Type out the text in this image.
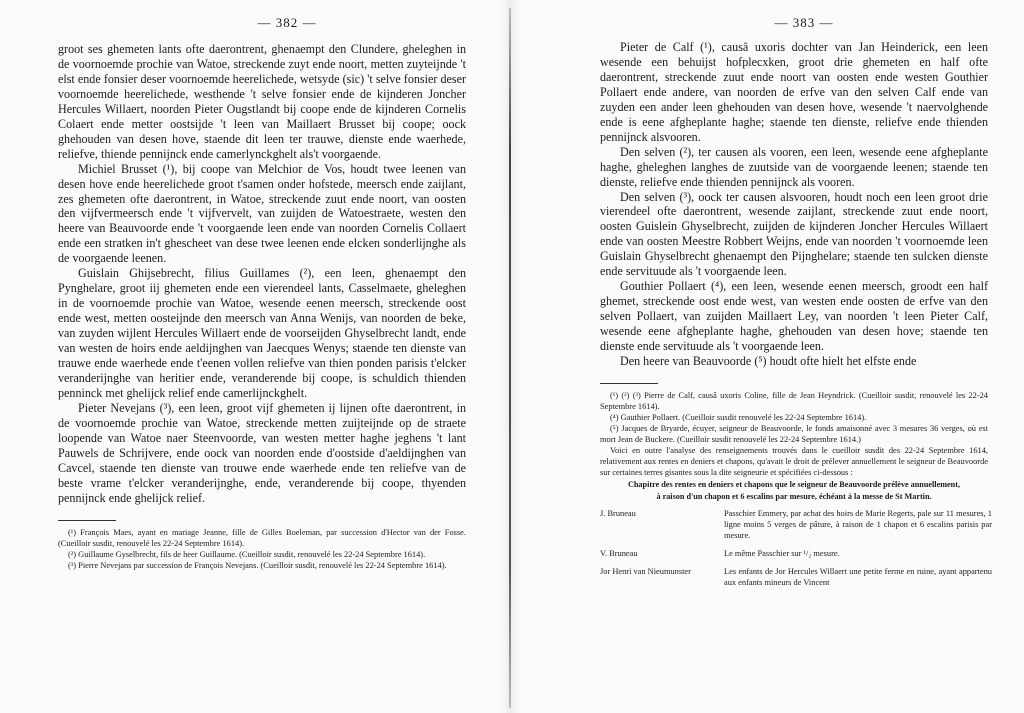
— 382 —

groot ses ghemeten lants ofte daerontrent, ghenaempt den Clundere, gheleghen in de voornoemde prochie van Watoe, streckende zuyt ende noort, metten zuyteijnde 't elst ende fonsier deser voornoemde heerelichede, wetsyde (sic) 't selve fonsier deser voornoemde heerelichede, westhende 't selve fonsier ende de kijnderen Joncher Hercules Willaert, noorden Pieter Ougstlandt bij coope ende de kijnderen Cornelis Colaert ende metter oostsijde 't leen van Maillaert Brusset bij coope; oock ghehouden van desen hove, staende dit leen ter trauwe, dienste ende waerhede, reliefve, thiende pennijnck ende camerlynckghelt als't voorgaende.

Michiel Brusset (¹), bij coope van Melchior de Vos, houdt twee leenen van desen hove ende heerelichede groot t'samen onder hofstede, meersch ende zaijlant, zes ghemeten ofte daerontrent, in Watoe, streckende zuut ende noort, van oosten den vijfvermeersch ende 't vijfvervelt, van zuijden de Watoestraete, westen den heere van Beauvoorde ende 't voorgaende leen ende van noorden Cornelis Collaert ende een stratken in't ghescheet van dese twee leenen ende elcken sonderlijnghe als de voorgaende leenen.

Guislain Ghijsebrecht, filius Guillames (²), een leen, ghenaempt den Pynghelare, groot iij ghemeten ende een vierendeel lants, Casselmaete, gheleghen in de voornoemde prochie van Watoe, wesende eenen meersch, streckende oost ende west, metten oosteijnde den meersch van Anna Wenijs, van noorden de beke, van zuyden wijlent Hercules Willaert ende de voorseijden Ghyselbrecht landt, ende van westen de hoirs ende aeldijnghen van Jaecques Wenys; staende ten dienste van trauwe ende waerhede ende t'eenen vollen reliefve van thien ponden parisis t'elcker veranderijnghe van heritier ende, veranderende bij coope, is schuldich thienden penninck met ghelijck relief ende camerlijnckghelt.

Pieter Nevejans (³), een leen, groot vijf ghemeten ij lijnen ofte daerontrent, in de voornoemde prochie van Watoe, streckende metten zuijteijnde op de straete loopende van Watoe naer Steenvoorde, van westen metter haghe jeghens 't lant Pauwels de Schrijvere, ende oock van noorden ende d'oostside d'aeldijnghen van Cavcel, staende ten dienste van trouwe ende waerhede ende ten reliefve van de beste vrame t'elcker veranderijnghe, ende, veranderende bij coope, thyenden pennijnck ende ghelijck relief.

(¹) François Maes, ayant en mariage Jeanne, fille de Gilles Boeleman, par succession d'Hector van der Fosse. (Cueilloir susdit, renouvelé les 22-24 Septembre 1614).

(²) Guillaume Gyselbrecht, fils de heer Guillaume. (Cueilloir susdit, renouvelé les 22-24 Septembre 1614).

(³) Pierre Nevejans par succession de François Nevejans. (Cueilloir susdit, renouvelé les 22-24 Septembre 1614).

— 383 —

Pieter de Calf (¹), causâ uxoris dochter van Jan Heinderick, een leen wesende een behuijst hofplecxken, groot drie ghemeten en half ofte daerontrent, streckende zuut ende noort van oosten ende westen Gouthier Pollaert ende andere, van noorden de erfve van den selven Calf ende van zuyden een ander leen ghehouden van desen hove, wesende 't naervolghende ende is eene afgheplante haghe; staende ten dienste, reliefve ende thienden pennijnck alsvooren.

Den selven (²), ter causen als vooren, een leen, wesende eene afgheplante haghe, gheleghen langhes de zuutside van de voorgaende leenen; staende ten dienste, reliefve ende thienden pennijnck als vooren.

Den selven (³), oock ter causen alsvooren, houdt noch een leen groot drie vierendeel ofte daerontrent, wesende zaijlant, streckende zuut ende noort, oosten Guislein Ghyselbrecht, zuijden de kijnderen Joncher Hercules Willaert ende van oosten Meestre Robbert Weijns, ende van noorden 't voornoemde leen Guislain Ghyselbrecht ghenaempt den Pijnghelare; staende ten sulcken dienste ende servituude als 't voorgaende leen.

Gouthier Pollaert (⁴), een leen, wesende eenen meersch, groodt een half ghemet, streckende oost ende west, van westen ende oosten de erfve van den selven Pollaert, van zuijden Maillaert Ley, van noorden 't leen Pieter Calf, wesende eene afgheplante haghe, ghehouden van desen hove; staende ten dienste ende servituude als 't voorgaende leen.

Den heere van Beauvoorde (⁵) houdt ofte hielt het elfste ende

(¹) (²) (³) Pierre de Calf, causâ uxoris Coline, fille de Jean Heyndrick. (Cueilloir susdit, renouvelé les 22-24 Septembre 1614).

(⁴) Gauthier Pollaert. (Cueilloir susdit renouvelé les 22-24 Septembre 1614).

(⁵) Jacques de Bryarde, écuyer, seigneur de Beauvoorde, le fonds amaisonné avec 3 mesures 36 verges, où est mort Jean de Buckere. (Cueilloir susdit renouvelé les 22-24 Septembre 1614.)

Voici en outre l'analyse des renseignements trouvés dans le cueilloir susdit des 22-24 Septembre 1614, relativement aux rentes en deniers et chapons, qu'avait le droit de prélever annuellement le seigneur de Beauvoorde sur certaines terres gisantes sous la dite seigneurie et spécifiées ci-dessous :

Chapitre des rentes en deniers et chapons que le seigneur de Beauvoorde prélève annuellement,

à raison d'un chapon et 6 escalins par mesure, échéant à la messe de St Martin.

J. Bruneau	Passchier Emmery, par achat des hoirs de Marie Regerts, pale sur 11 mesures, 1 ligne moins 5 verges de pâture, à raison de 1 chapon et 6 escalins parisis par mesure.
V. Bruneau	Le même Passchier sur ¹/₂ mesure.
Jor Henri van Nieumunster	Les enfants de Jor Hercules Willaert une petite ferme en ruine, ayant appartenu aux enfants mineurs de Vincent
